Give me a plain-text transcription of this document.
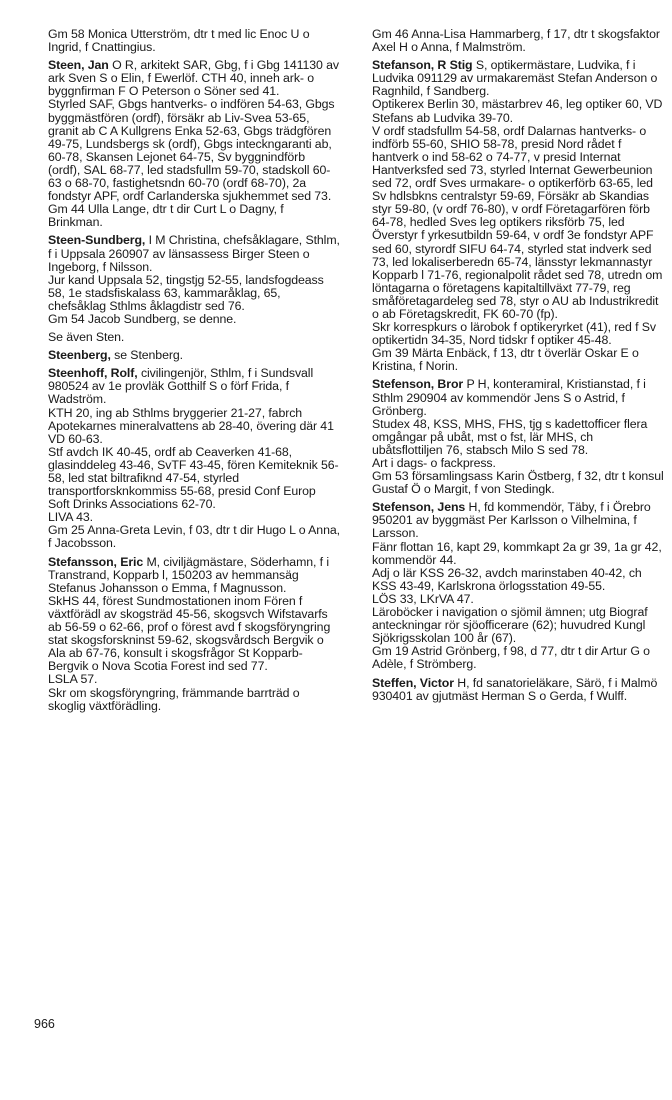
Gm 58 Monica Utterström, dtr t med lic Enoc U o Ingrid, f Cnattingius.

Steen, Jan O R, arkitekt SAR, Gbg, f i Gbg 141130 av ark Sven S o Elin, f Ewerlöf. CTH 40, inneh ark- o byggnfirman F O Peterson o Söner sed 41.

Styrled SAF, Gbgs hantverks- o indfören 54-63, Gbgs byggmästfören (ordf), försäkr ab Liv-Svea 53-65, granit ab C A Kullgrens Enka 52-63, Gbgs trädgfören 49-75, Lundsbergs sk (ordf), Gbgs inteckngaranti ab, 60-78, Skansen Lejonet 64-75, Sv byggnindförb (ordf), SAL 68-77, led stadsfullm 59-70, stadskoll 60-63 o 68-70, fastighetsndn 60-70 (ordf 68-70), 2a fondstyr APF, ordf Carlanderska sjukhemmet sed 73.

Gm 44 Ulla Lange, dtr t dir Curt L o Dagny, f Brinkman.

Steen-Sundberg, I M Christina, chefsåklagare, Sthlm, f i Uppsala 260907 av länsassess Birger Steen o Ingeborg, f Nilsson.

Jur kand Uppsala 52, tingstjg 52-55, landsfogdeass 58, 1e stadsfiskalass 63, kammaråklag, 65, chefsåklag Sthlms åklagdistr sed 76.

Gm 54 Jacob Sundberg, se denne.

Se även Sten.

Steenberg, se Stenberg.

Steenhoff, Rolf, civilingenjör, Sthlm, f i Sundsvall 980524 av 1e provläk Gotthilf S o förf Frida, f Wadström.

KTH 20, ing ab Sthlms bryggerier 21-27, fabrch Apotekarnes mineralvattens ab 28-40, övering där 41 VD 60-63.

Stf avdch IK 40-45, ordf ab Ceaverken 41-68, glasinddeleg 43-46, SvTF 43-45, fören Kemiteknik 56-58, led stat biltrafiknd 47-54, styrled transportforsknkommiss 55-68, presid Conf Europ Soft Drinks Associations 62-70.

LIVA 43.

Gm 25 Anna-Greta Levin, f 03, dtr t dir Hugo L o Anna, f Jacobsson.

Stefansson, Eric M, civiljägmästare, Söderhamn, f i Transtrand, Kopparb l, 150203 av hemmansäg Stefanus Johansson o Emma, f Magnusson.

SkHS 44, förest Sundmostationen inom Fören f växtförädl av skogsträd 45-56, skogsvch Wifstavarfs ab 56-59 o 62-66, prof o förest avd f skogsföryngring stat skogsforskninst 59-62, skogsvårdsch Bergvik o Ala ab 67-76, konsult i skogsfrågor St Kopparb-Bergvik o Nova Scotia Forest ind sed 77.

LSLA 57.

Skr om skogsföryngring, främmande barrträd o skoglig växtförädling.

Gm 46 Anna-Lisa Hammarberg, f 17, dtr t skogsfaktor Axel H o Anna, f Malmström.

Stefanson, R Stig S, optikermästare, Ludvika, f i Ludvika 091129 av urmakaremäst Stefan Anderson o Ragnhild, f Sandberg.

Optikerex Berlin 30, mästarbrev 46, leg optiker 60, VD Stefans ab Ludvika 39-70.

V ordf stadsfullm 54-58, ordf Dalarnas hantverks- o indförb 55-60, SHIO 58-78, presid Nord rådet f hantverk o ind 58-62 o 74-77, v presid Internat Hantverksfed sed 73, styrled Internat Gewerbeunion sed 72, ordf Sves urmakare- o optikerförb 63-65, led Sv hdlsbkns centralstyr 59-69, Försäkr ab Skandias styr 59-80, (v ordf 76-80), v ordf Företagarfören förb 64-78, hedled Sves leg optikers riksförb 75, led Överstyr f yrkesutbildn 59-64, v ordf 3e fondstyr APF sed 60, styrordf SIFU 64-74, styrled stat indverk sed 73, led lokaliserberedn 65-74, länsstyr lekmannastyr Kopparb l 71-76, regionalpolit rådet sed 78, utredn om löntagarna o företagens kapitaltillväxt 77-79, reg småföretagardeleg sed 78, styr o AU ab Industrikredit o ab Företagskredit, FK 60-70 (fp).

Skr korrespkurs o lärobok f optikeryrket (41), red f Sv optikertidn 34-35, Nord tidskr f optiker 45-48.

Gm 39 Märta Enbäck, f 13, dtr t överlär Oskar E o Kristina, f Norin.

Stefenson, Bror P H, konteramiral, Kristianstad, f i Sthlm 290904 av kommendör Jens S o Astrid, f Grönberg.

Studex 48, KSS, MHS, FHS, tjg s kadettofficer flera omgångar på ubåt, mst o fst, lär MHS, ch ubåtsflottiljen 76, stabsch Milo S sed 78.

Art i dags- o fackpress.

Gm 53 församlingsass Karin Östberg, f 32, dtr t konsul Gustaf Ö o Margit, f von Stedingk.

Stefenson, Jens H, fd kommendör, Täby, f i Örebro 950201 av byggmäst Per Karlsson o Vilhelmina, f Larsson.

Fänr flottan 16, kapt 29, kommkapt 2a gr 39, 1a gr 42, kommendör 44.

Adj o lär KSS 26-32, avdch marinstaben 40-42, ch KSS 43-49, Karlskrona örlogsstation 49-55.

LÖS 33, LKrVA 47.

Läroböcker i navigation o sjömil ämnen; utg Biograf anteckningar rör sjöofficerare (62); huvudred Kungl Sjökrigsskolan 100 år (67).

Gm 19 Astrid Grönberg, f 98, d 77, dtr t dir Artur G o Adèle, f Strömberg.

Steffen, Victor H, fd sanatorieläkare, Särö, f i Malmö 930401 av gjutmäst Herman S o Gerda, f Wulff.

966
